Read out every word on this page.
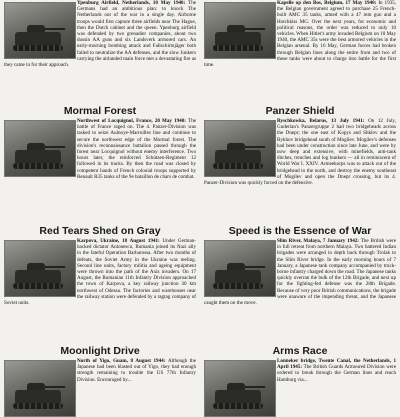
Ypenburg Airfield, Netherlands, 10 May 1940: The Germans had an ambitious plan: to knock The Netherlands out of the war in a single day. Airborne troops would first capture three airfields near The Hague, then the Dutch cabinet and the queen. Ypenburg airfield was defended by two grenadier companies, about two dussin AA guns and six Landsverk armored cars. An early-morning bombing attack and Fallschirmjäger both failed to neutralize the AA defenses, and the slow Junkers carrying the airlanded main force met a devastating fire as they came in for their approach.
Mormal Forest
Northwest of Locquignol, France, 20 May 1940: The battle of France raged on. The 4. Panzer-Division was tasked to seize Aulnoye-Marroilles line and continue to secure the northwest edge of the Mormal forest. The division's reconnaissance battalion passed through the forest near Locquignol without enemy interference. Two hours later, the reinforced Schützen-Regiment 12 followed in its tracks. By then the road was closed by competent hands of French colonial troops supported by Renault R35 tanks of the 9e bataillon de chars de combat.
Red Tears Shed on Gray
Karpova, Ukraine, 18 August 1941: Under German-backed dictator Antonescu, Rumania joined its Nazi ally in the fateful Operation Barbarossa. After two months of defeats, the Soviet Army in the Ukraine was reeling. Second line units, factory militia and ageing equipment were thrown into the path of the Axis invaders. On 17 August, the Rumanian 11th Infantry Division approached the town of Karpova, a key railway junction 30 km northwest of Odessa. The factories and warehouses near the railway station were defended by a ragtag company of Soviet units.
Moonlight Drive
North of Yigo, Guam, 8 August 1944: Although the Japanese had been blasted out of Yigo, they had enough strength remaining to trouble the US 77th Infantry Division. Encouraged by...
Kapelle op den Bos, Belgium, 17 May 1940: In 1935, the Belgian government agreed to purchase 25 French-built AMC 35 tanks, armed with a 47 mm gun and a Hotchkiss MG. Over the next years, for economic and political reasons, the order was reduced to only 10 vehicles. When Hitler's army invaded Belgium on 10 May 1940, the AMC 35s were the best armored vehicles in the Belgian arsenal. By 16 May, German forces had broken through Belgian lines along the entire front and two of these tanks were about to charge into battle for the first time.
Panzer Shield
Ryschkowka, Belarus, 13 July 1941: On 12 July, Guderian's Panzergruppe 2 had two bridgeheads across the Dnepr; the one east of Kopys and Shklov and the Bykhov bridgehead south of Mogilev. Mogilev's defenses had been under construction since late June, and were by now deep and extensive, with minefields, anti-tank ditches, trenches and log bunkers — all in reminiscent of World War I. XXIV. Armeekorps was to attack out of the bridgehead to the north, and destroy the enemy southeast of Mogilev and open the Dnepr crossing, but its 4. Panzer-Division was quickly forced on the defensive.
Speed is the Essence of War
Slim River, Malaya, 7 January 1942: The British were in full retreat from northern Malaya. Two battered Indian brigades were arranged in depth back through Trolak to the Slim River bridge. In the early morning hours of 7 January, a Japanese tank company accompanied by truck-borne infantry charged down the road. The Japanese tanks quickly overran the bulk of the 12th Brigade, and next up for the fighting-fed defense was the 28th Brigade. Because of very poor British communications, the brigade were unaware of the impending threat, and the Japanese caught them on the move.
Arms Race
Lonneker bridge, Twente Canal, the Netherlands, 1 April 1945: The British Guards Armoured Division were ordered to break through the German lines and reach Hamburg via...
